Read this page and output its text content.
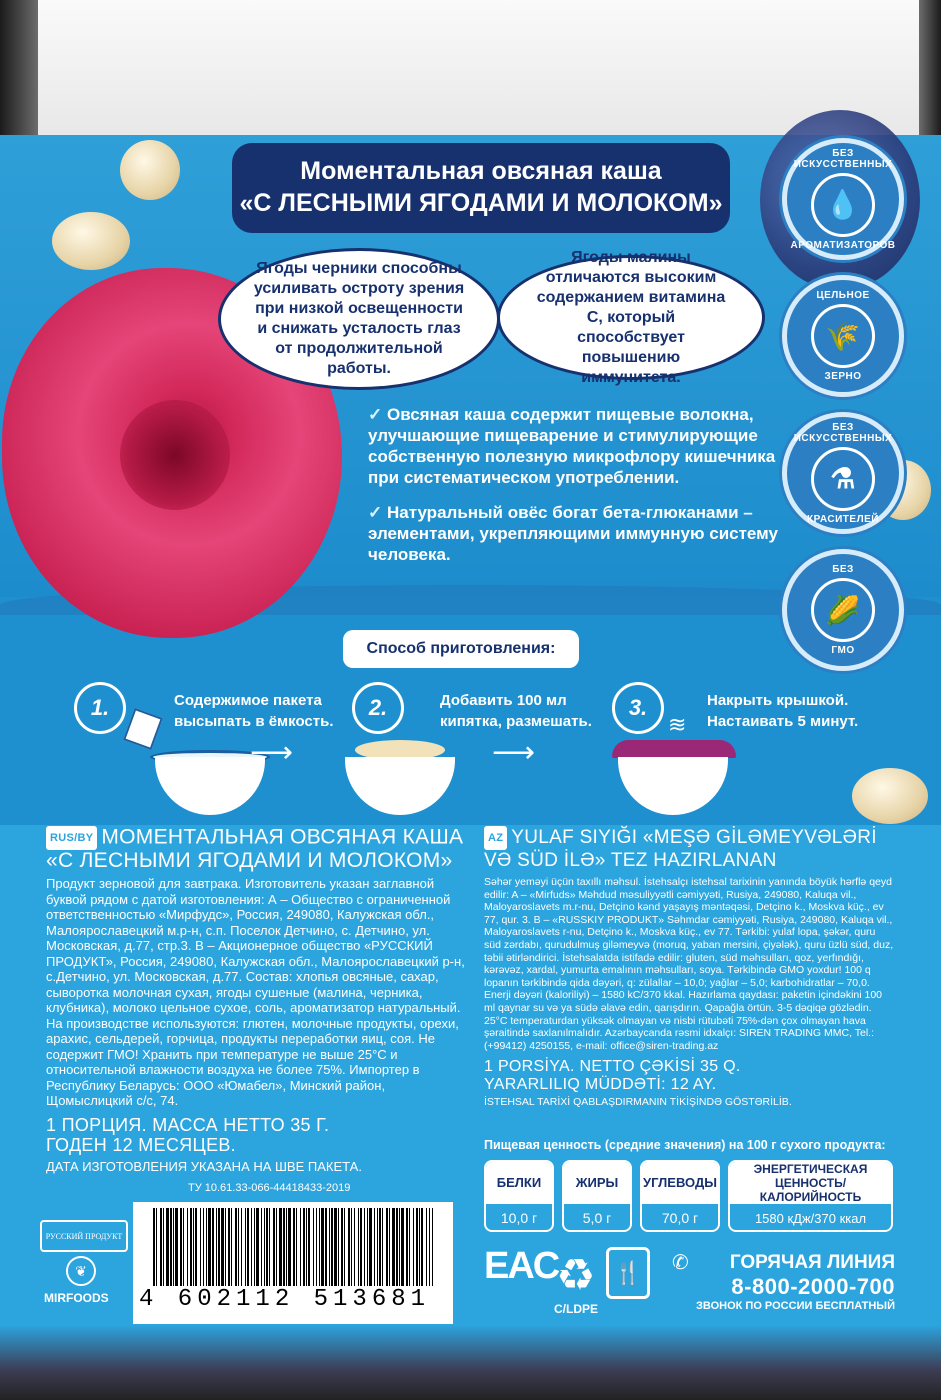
Моментальная овсяная каша
«С ЛЕСНЫМИ ЯГОДАМИ И МОЛОКОМ»
Ягоды черники способны усиливать остроту зрения при низкой освещенности и снижать усталость глаз от продолжительной работы.
Ягоды малины отличаются высоким содержанием витамина С, который способствует повышению иммунитета.

✓ Овсяная каша содержит пищевые волокна, улучшающие пищеварение и стимулирующие собственную полезную микрофлору кишечника при систематическом употреблении.

✓ Натуральный овёс богат бета-глюканами – элементами, укрепляющими иммунную систему человека.

БЕЗ ИСКУССТВЕННЫХ
💧
АРОМАТИЗАТОРОВ
ЦЕЛЬНОЕ
🌾
ЗЕРНО
БЕЗ ИСКУССТВЕННЫХ
⚗
КРАСИТЕЛЕЙ
БЕЗ
🌽
ГМО
Способ приготовления:
1.	Содержимое пакета высыпать в ёмкость.
⟶
2.	Добавить 100 мл кипятка, размешать.
⟶
3.	Накрыть крышкой. Настаивать 5 минут.
≋
RUS/BY МОМЕНТАЛЬНАЯ ОВСЯНАЯ КАША
«С ЛЕСНЫМИ ЯГОДАМИ И МОЛОКОМ»
Продукт зерновой для завтрака. Изготовитель указан заглавной буквой рядом с датой изготовления: А – Общество с ограниченной ответственностью «Мирфудс», Россия, 249080, Калужская обл., Малоярославецкий м.р-н, с.п. Поселок Детчино, с. Детчино, ул. Московская, д.77, стр.3. В – Акционерное общество «РУССКИЙ ПРОДУКТ», Россия, 249080, Калужская обл., Малоярославецкий р-н, с.Детчино, ул. Московская, д.77. Состав: хлопья овсяные, сахар, сыворотка молочная сухая, ягоды сушеные (малина, черника, клубника), молоко цельное сухое, соль, ароматизатор натуральный. На производстве используются: глютен, молочные продукты, орехи, арахис, сельдерей, горчица, продукты переработки яиц, соя. Не содержит ГМО! Хранить при температуре не выше 25°С и относительной влажности воздуха не более 75%. Импортер в Республику Беларусь: ООО «Юмабел», Минский район, Щомыслицкий с/с, 74.
1 ПОРЦИЯ. МАССА НЕТТО 35 Г.
ГОДЕН 12 МЕСЯЦЕВ.
ДАТА ИЗГОТОВЛЕНИЯ УКАЗАНА НА ШВЕ ПАКЕТА.
ТУ 10.61.33-066-44418433-2019
AZ YULAF SIYIĞI «MEŞƏ GİLƏMEYVƏLƏRİ
VƏ SÜD İLƏ» TEZ HAZIRLANAN
Səhər yeməyi üçün taxıllı məhsul. İstehsalçı istehsal tarixinin yanında böyük hərflə qeyd edilir: A – «Mirfuds» Məhdud məsuliyyətli cəmiyyəti, Rusiya, 249080, Kaluqa vil., Maloyaroslavets m.r-nu, Detçino kənd yaşayış məntəqəsi, Detçino k., Moskva küç., ev 77, qur. 3. B – «RUSSKIY PRODUKT» Səhmdar cəmiyyəti, Rusiya, 249080, Kaluqa vil., Maloyaroslavets r-nu, Detçino k., Moskva küç., ev 77. Tərkibi: yulaf lopa, şəkər, quru süd zərdabı, qurudulmuş giləmeyvə (moruq, yaban mersini, çiyələk), quru üzlü süd, duz, təbii ətirləndirici. İstehsalatda istifadə edilir: gluten, süd məhsulları, qoz, yerfındığı, kərəvəz, xardal, yumurta emalının məhsulları, soya. Tərkibində GMO yoxdur! 100 q lopanın tərkibində qida dəyəri, q: zülallar – 10,0; yağlar – 5,0; karbohidratlar – 70,0. Enerji dəyəri (kaloriliyi) – 1580 kC/370 kkal. Hazırlama qaydası: paketin içindəkini 100 ml qaynar su və ya südə əlavə edin, qarışdırın. Qapağla örtün. 3-5 dəqiqə gözlədin. 25°C temperaturdan yüksək olmayan və nisbi rütubəti 75%-dən çox olmayan hava şəraitində saxlanılmalıdır. Azərbaycanda rəsmi idxalçı: SIREN TRADING MMC, Tel.:(+99412) 4250155, e-mail: office@siren-trading.az
1 PORSİYA. NETTO ÇƏKİSİ 35 Q.
YARARLILIQ MÜDDƏTİ: 12 AY.
İSTEHSAL TARİXİ QABLAŞDIRMANIN TİKİŞİNDƏ GÖSTƏRİLİB.
Пищевая ценность (средние значения) на 100 г сухого продукта:
БЕЛКИ
10,0 г
ЖИРЫ
5,0 г
УГЛЕВОДЫ
70,0 г
ЭНЕРГЕТИЧЕСКАЯ ЦЕННОСТЬ/КАЛОРИЙНОСТЬ
1580 кДж/370 ккал
РУССКИЙ ПРОДУКТ
❦
MIRFOODS 4 602112 513681
EAC
♻
C/LDPE
🍴	✆	ГОРЯЧАЯ ЛИНИЯ
8-800-2000-700
ЗВОНОК ПО РОССИИ БЕСПЛАТНЫЙ
